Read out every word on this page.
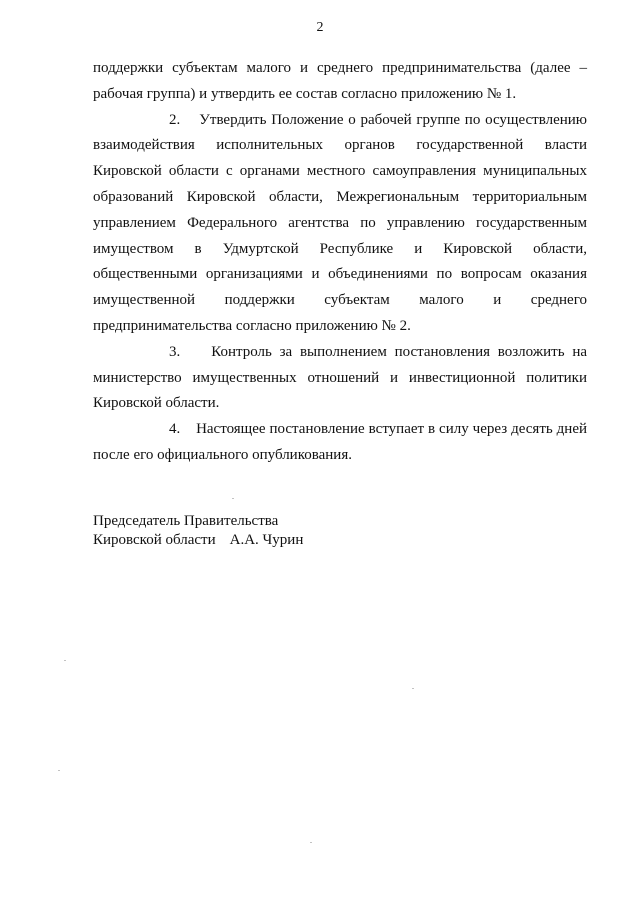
2

поддержки субъектам малого и среднего предпринимательства (далее – рабочая группа) и утвердить ее состав согласно приложению № 1.

2. Утвердить Положение о рабочей группе по осуществлению взаимодействия исполнительных органов государственной власти Кировской области с органами местного самоуправления муниципальных образований Кировской области, Межрегиональным территориальным управлением Федерального агентства по управлению государственным имуществом в Удмуртской Республике и Кировской области, общественными организациями и объединениями по вопросам оказания имущественной поддержки субъектам малого и среднего предпринимательства согласно приложению № 2.

3. Контроль за выполнением постановления возложить на министерство имущественных отношений и инвестиционной политики Кировской области.

4. Настоящее постановление вступает в силу через десять дней после его официального опубликования.

Председатель Правительства
Кировской области А.А. Чурин
